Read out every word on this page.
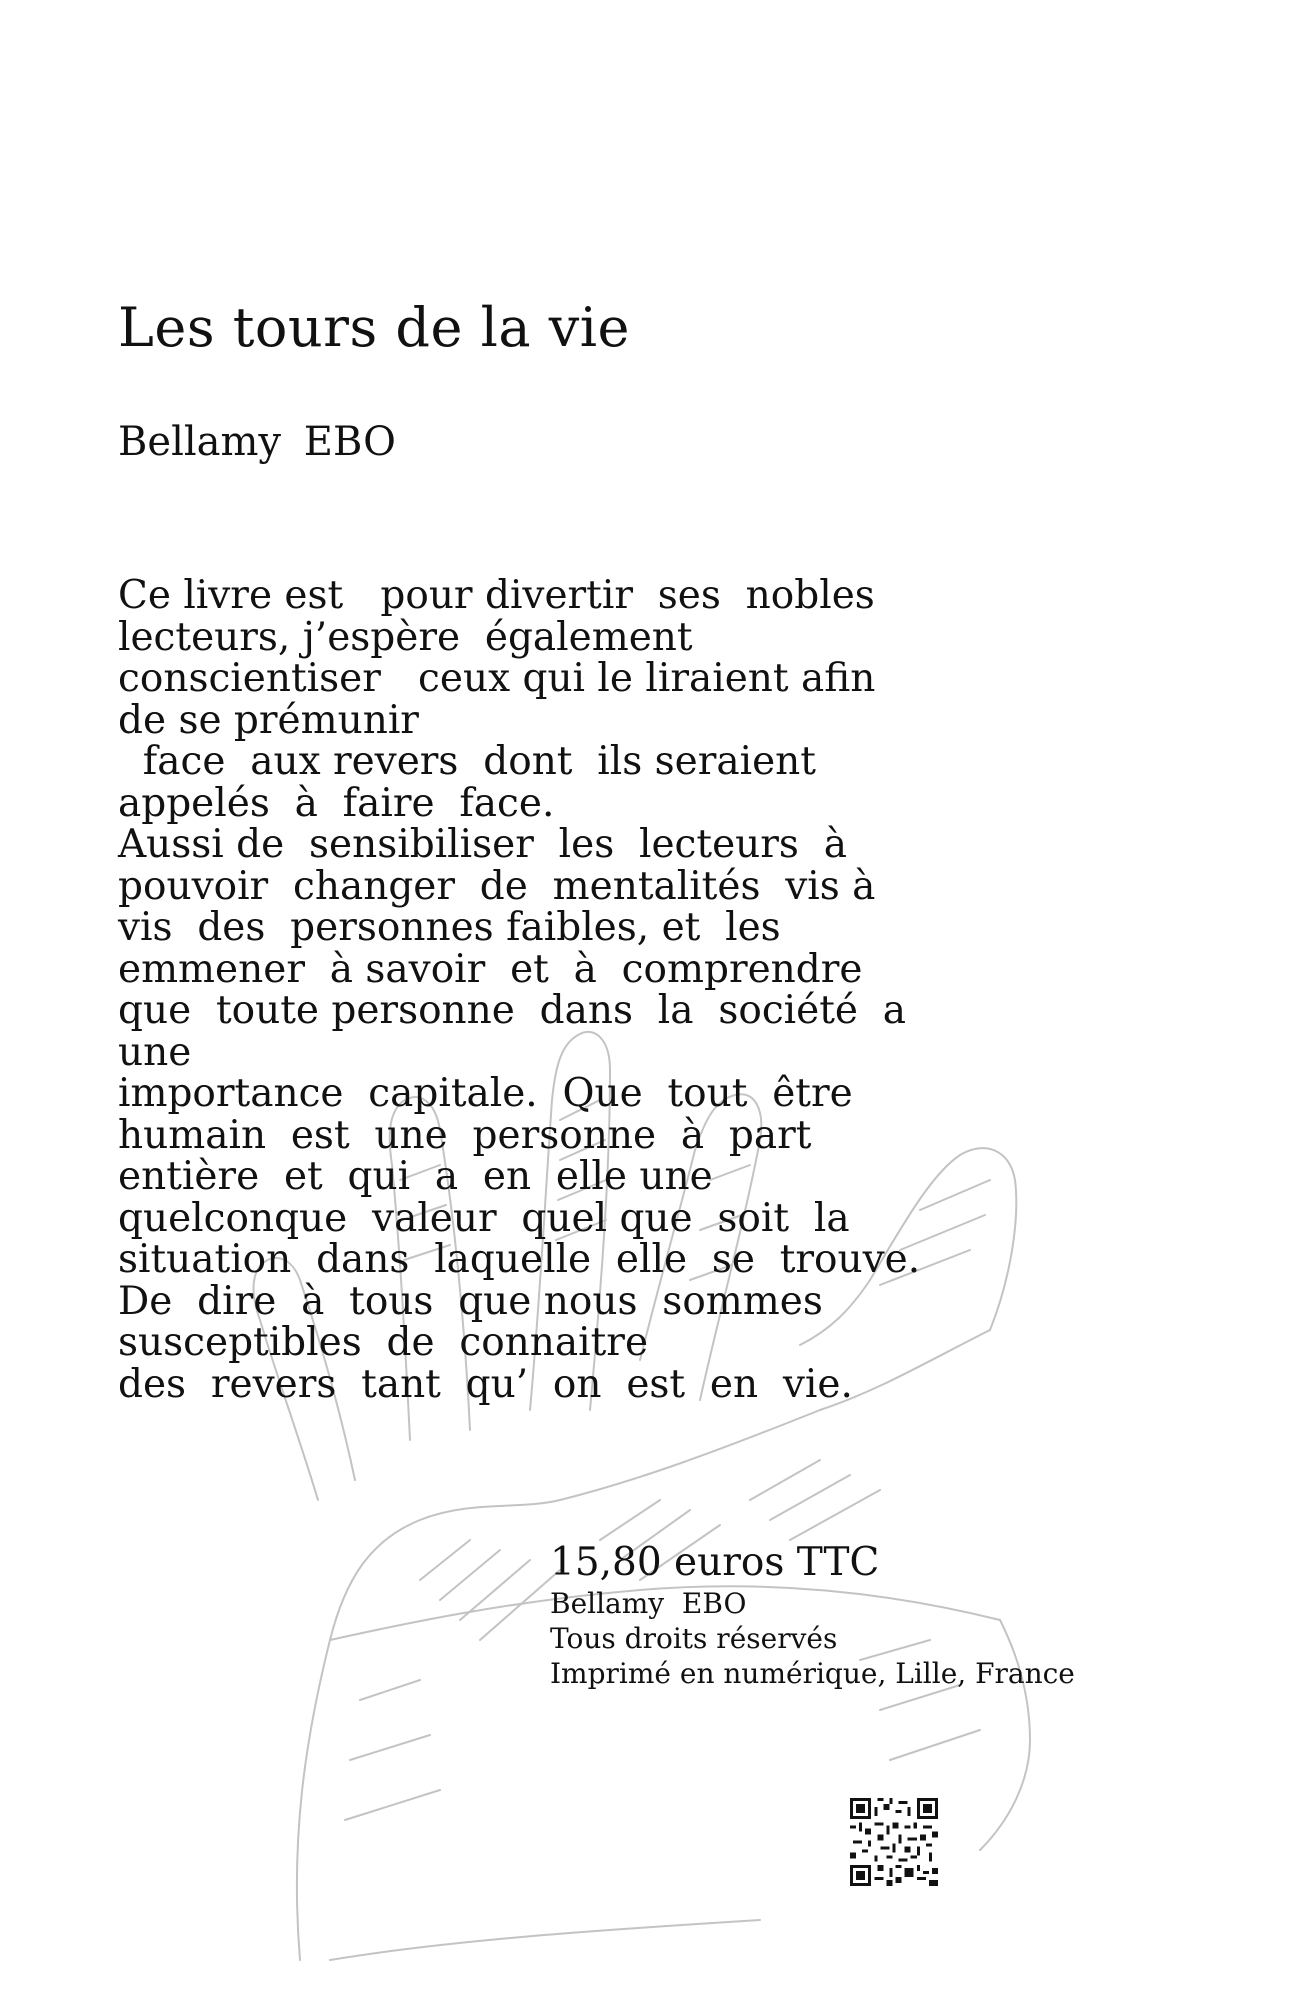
Les tours de la vie

Bellamy EBO

Ce livre est   pour divertir  ses  nobles
lecteurs, j’espère  également
conscientiser   ceux qui le liraient afin
de se prémunir
face  aux revers  dont  ils seraient
appelés  à  faire  face.
Aussi de  sensibiliser  les  lecteurs  à
pouvoir  changer  de  mentalités  vis à
vis  des  personnes faibles, et  les
emmener  à savoir  et  à  comprendre
que  toute personne  dans  la  société  a
une
importance  capitale.  Que  tout  être
humain  est  une  personne  à  part
entière  et  qui  a  en  elle une
quelconque  valeur  quel que  soit  la
situation  dans  laquelle  elle  se  trouve.
De  dire  à  tous  que nous  sommes
susceptibles  de  connaitre
des  revers  tant  qu’  on  est  en  vie.
15,80 euros TTC
Bellamy  EBO
Tous droits réservés
Imprimé en numérique, Lille, France
